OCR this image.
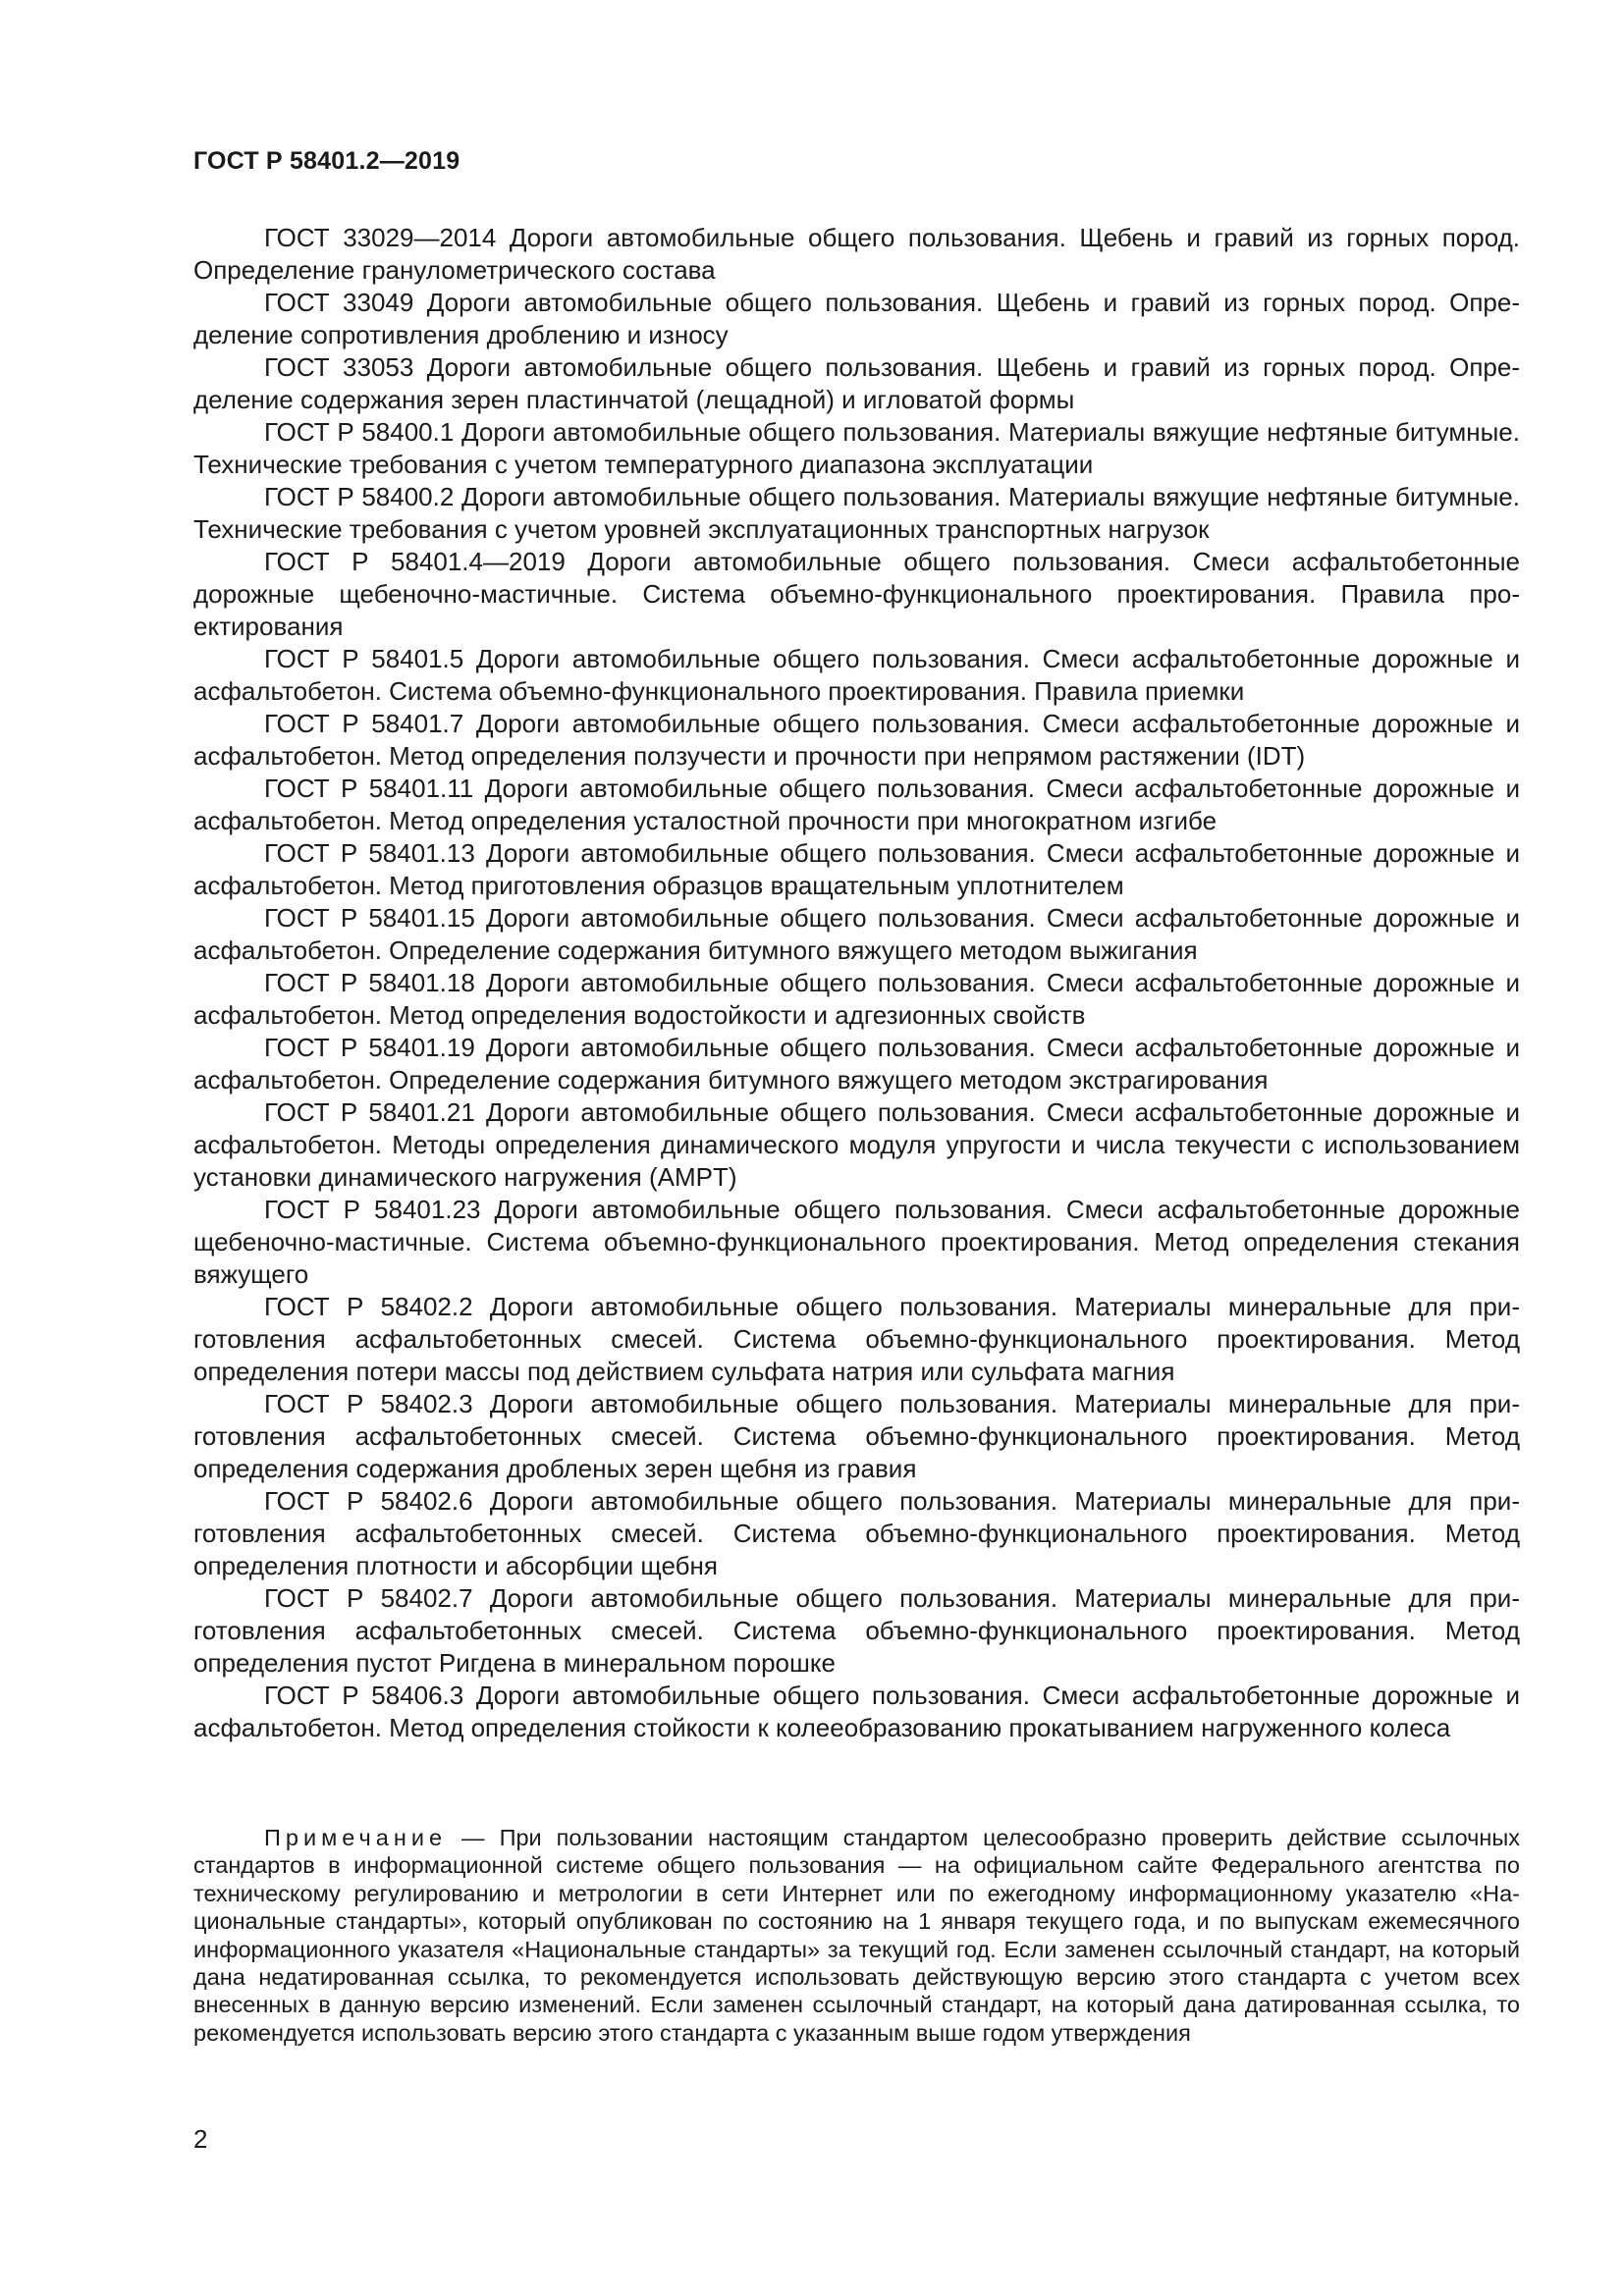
ГОСТ Р 58401.2—2019

ГОСТ 33029—2014 Дороги автомобильные общего пользования. Щебень и гравий из горных пород. Определение гранулометрического состава

ГОСТ 33049 Дороги автомобильные общего пользования. Щебень и гравий из горных пород. Определение сопротивления дроблению и износу

ГОСТ 33053 Дороги автомобильные общего пользования. Щебень и гравий из горных пород. Определение содержания зерен пластинчатой (лещадной) и игловатой формы

ГОСТ Р 58400.1 Дороги автомобильные общего пользования. Материалы вяжущие нефтяные битумные. Технические требования с учетом температурного диапазона эксплуатации

ГОСТ Р 58400.2 Дороги автомобильные общего пользования. Материалы вяжущие нефтяные битумные. Технические требования с учетом уровней эксплуатационных транспортных нагрузок

ГОСТ Р 58401.4—2019 Дороги автомобильные общего пользования. Смеси асфальтобетонные дорожные щебеночно-мастичные. Система объемно-функционального проектирования. Правила проектирования

ГОСТ Р 58401.5 Дороги автомобильные общего пользования. Смеси асфальтобетонные дорожные и асфальтобетон. Система объемно-функционального проектирования. Правила приемки

ГОСТ Р 58401.7 Дороги автомобильные общего пользования. Смеси асфальтобетонные дорожные и асфальтобетон. Метод определения ползучести и прочности при непрямом растяжении (IDT)

ГОСТ Р 58401.11 Дороги автомобильные общего пользования. Смеси асфальтобетонные дорожные и асфальтобетон. Метод определения усталостной прочности при многократном изгибе

ГОСТ Р 58401.13 Дороги автомобильные общего пользования. Смеси асфальтобетонные дорожные и асфальтобетон. Метод приготовления образцов вращательным уплотнителем

ГОСТ Р 58401.15 Дороги автомобильные общего пользования. Смеси асфальтобетонные дорожные и асфальтобетон. Определение содержания битумного вяжущего методом выжигания

ГОСТ Р 58401.18 Дороги автомобильные общего пользования. Смеси асфальтобетонные дорожные и асфальтобетон. Метод определения водостойкости и адгезионных свойств

ГОСТ Р 58401.19 Дороги автомобильные общего пользования. Смеси асфальтобетонные дорожные и асфальтобетон. Определение содержания битумного вяжущего методом экстрагирования

ГОСТ Р 58401.21 Дороги автомобильные общего пользования. Смеси асфальтобетонные дорожные и асфальтобетон. Методы определения динамического модуля упругости и числа текучести с использованием установки динамического нагружения (AMPT)

ГОСТ Р 58401.23 Дороги автомобильные общего пользования. Смеси асфальтобетонные дорожные щебеночно-мастичные. Система объемно-функционального проектирования. Метод определения стекания вяжущего

ГОСТ Р 58402.2 Дороги автомобильные общего пользования. Материалы минеральные для приготовления асфальтобетонных смесей. Система объемно-функционального проектирования. Метод определения потери массы под действием сульфата натрия или сульфата магния

ГОСТ Р 58402.3 Дороги автомобильные общего пользования. Материалы минеральные для приготовления асфальтобетонных смесей. Система объемно-функционального проектирования. Метод определения содержания дробленых зерен щебня из гравия

ГОСТ Р 58402.6 Дороги автомобильные общего пользования. Материалы минеральные для приготовления асфальтобетонных смесей. Система объемно-функционального проектирования. Метод определения плотности и абсорбции щебня

ГОСТ Р 58402.7 Дороги автомобильные общего пользования. Материалы минеральные для приготовления асфальтобетонных смесей. Система объемно-функционального проектирования. Метод определения пустот Ригдена в минеральном порошке

ГОСТ Р 58406.3 Дороги автомобильные общего пользования. Смеси асфальтобетонные дорожные и асфальтобетон. Метод определения стойкости к колееобразованию прокатыванием нагруженного колеса

Примечание — При пользовании настоящим стандартом целесообразно проверить действие ссылочных стандартов в информационной системе общего пользования — на официальном сайте Федерального агентства по техническому регулированию и метрологии в сети Интернет или по ежегодному информационному указателю «Национальные стандарты», который опубликован по состоянию на 1 января текущего года, и по выпускам ежемесячного информационного указателя «Национальные стандарты» за текущий год. Если заменен ссылочный стандарт, на который дана недатированная ссылка, то рекомендуется использовать действующую версию этого стандарта с учетом всех внесенных в данную версию изменений. Если заменен ссылочный стандарт, на который дана датированная ссылка, то рекомендуется использовать версию этого стандарта с указанным выше годом утверждения

2
